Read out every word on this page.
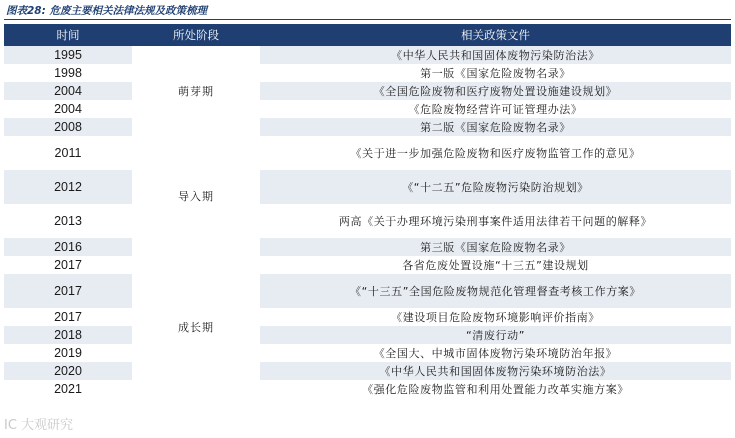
图表28: 危废主要相关法律法规及政策梳理
时间	所处阶段	相关政策文件
1995	萌芽期	《中华人民共和国固体废物污染防治法》
1998		第一版《国家危险废物名录》
2004		《全国危险废物和医疗废物处置设施建设规划》
2004		《危险废物经营许可证管理办法》
2008		第二版《国家危险废物名录》
2011	导入期	《关于进一步加强危险废物和医疗废物监管工作的意见》
2012		《“十二五”危险废物污染防治规划》
2013		两高《关于办理环境污染刑事案件适用法律若干问题的解释》
2016		第三版《国家危险废物名录》
2017	成长期	各省危废处置设施“十三五”建设规划
2017		《“十三五”全国危险废物规范化管理督查考核工作方案》
2017		《建设项目危险废物环境影响评价指南》
2018		“清废行动”
2019		《全国大、中城市固体废物污染环境防治年报》
2020		《中华人民共和国固体废物污染环境防治法》
2021		《强化危险废物监管和利用处置能力改革实施方案》
IC 大观研究
